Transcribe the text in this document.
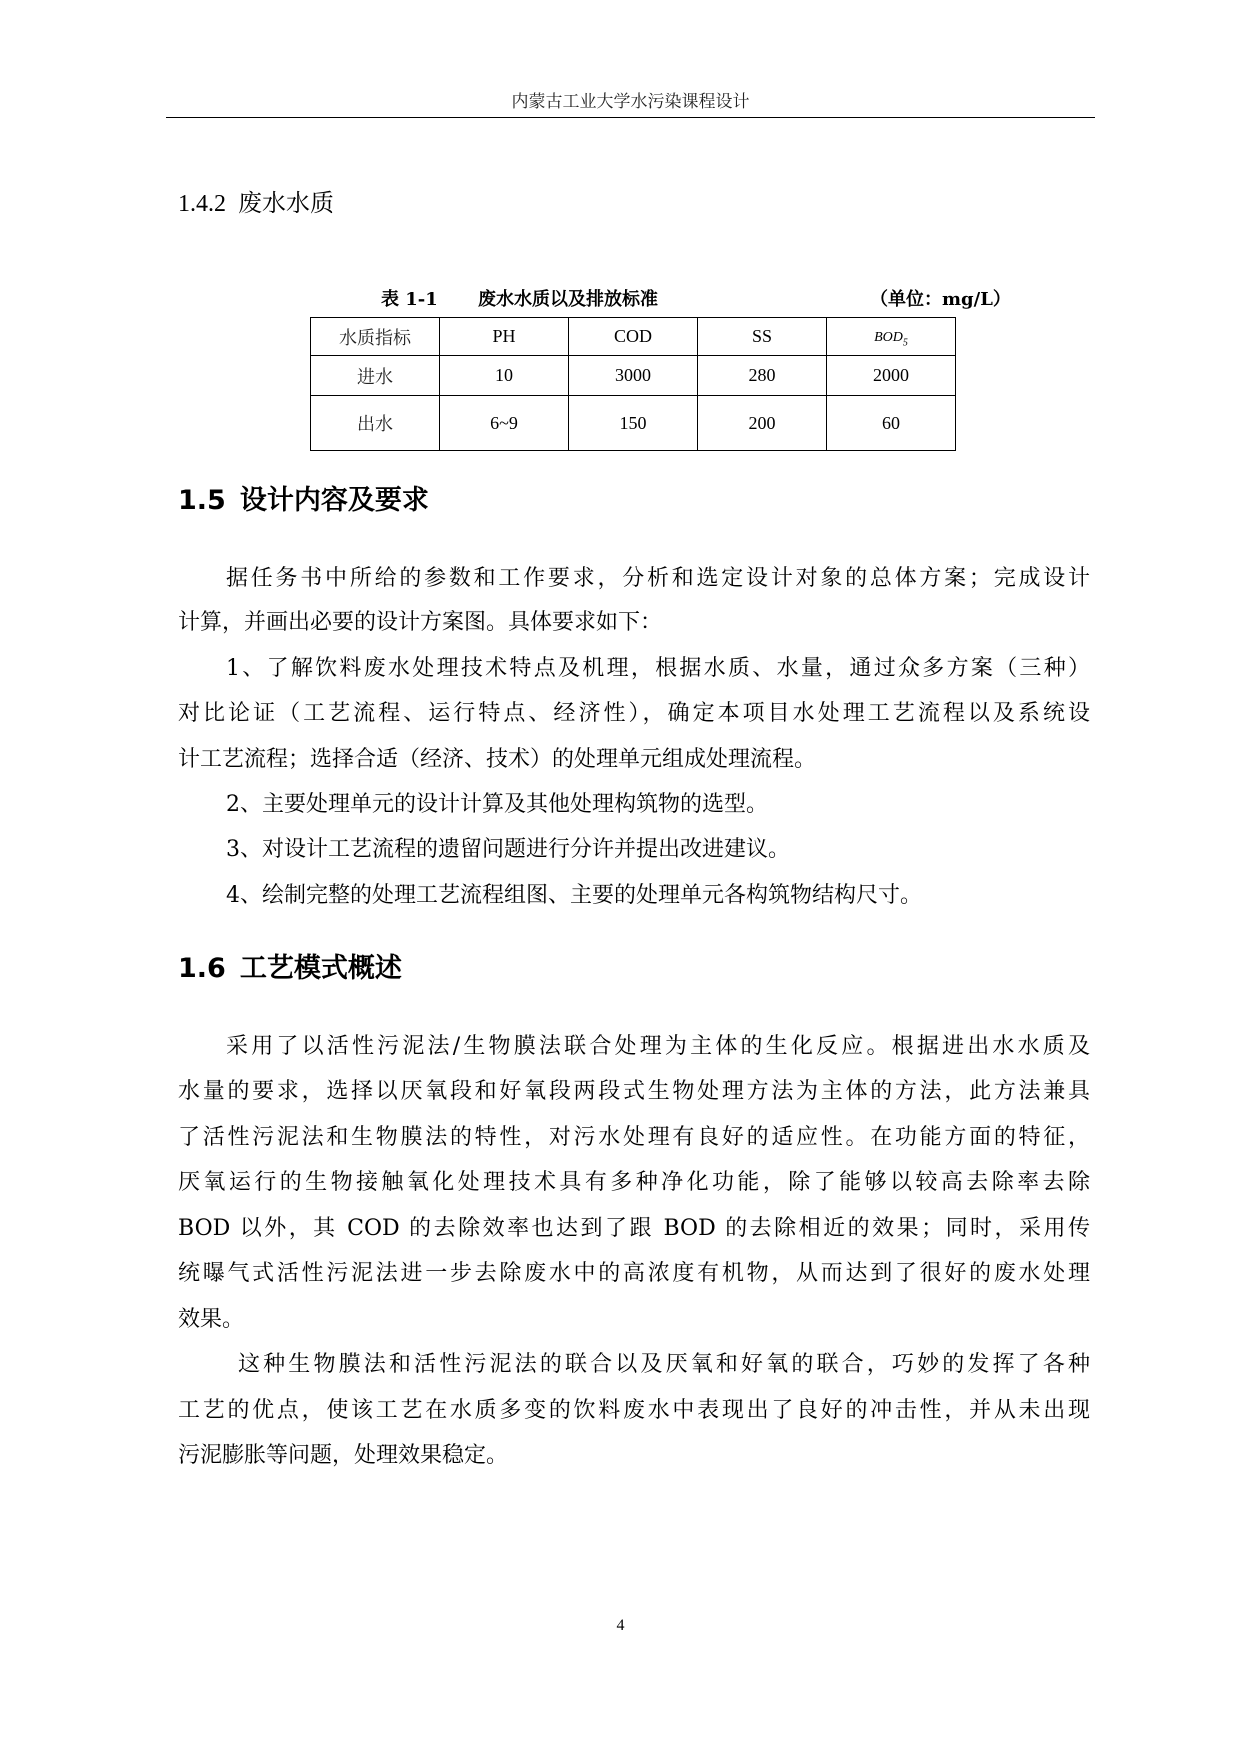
内蒙古工业大学水污染课程设计
1.4.2 废水水质
表 1-1 废水水质以及排放标准	（单位：mg/L）
水质指标	PH	COD	SS	$BOD_5$
进水	10	3000	280	2000
出水	6~9	150	200	60
1.5 设计内容及要求
据任务书中所给的参数和工作要求，分析和选定设计对象的总体方案；完成设计
计算，并画出必要的设计方案图。具体要求如下：
1、了解饮料废水处理技术特点及机理，根据水质、水量，通过众多方案（三种）
对比论证（工艺流程、运行特点、经济性），确定本项目水处理工艺流程以及系统设
计工艺流程；选择合适（经济、技术）的处理单元组成处理流程。
2、主要处理单元的设计计算及其他处理构筑物的选型。
3、对设计工艺流程的遗留问题进行分许并提出改进建议。
4、绘制完整的处理工艺流程组图、主要的处理单元各构筑物结构尺寸。
1.6 工艺模式概述
采用了以活性污泥法/生物膜法联合处理为主体的生化反应。根据进出水水质及
水量的要求，选择以厌氧段和好氧段两段式生物处理方法为主体的方法，此方法兼具
了活性污泥法和生物膜法的特性，对污水处理有良好的适应性。在功能方面的特征，
厌氧运行的生物接触氧化处理技术具有多种净化功能，除了能够以较高去除率去除
BOD 以外，其 COD 的去除效率也达到了跟 BOD 的去除相近的效果；同时，采用传
统曝气式活性污泥法进一步去除废水中的高浓度有机物，从而达到了很好的废水处理
效果。
这种生物膜法和活性污泥法的联合以及厌氧和好氧的联合，巧妙的发挥了各种
工艺的优点，使该工艺在水质多变的饮料废水中表现出了良好的冲击性，并从未出现
污泥膨胀等问题，处理效果稳定。
4
